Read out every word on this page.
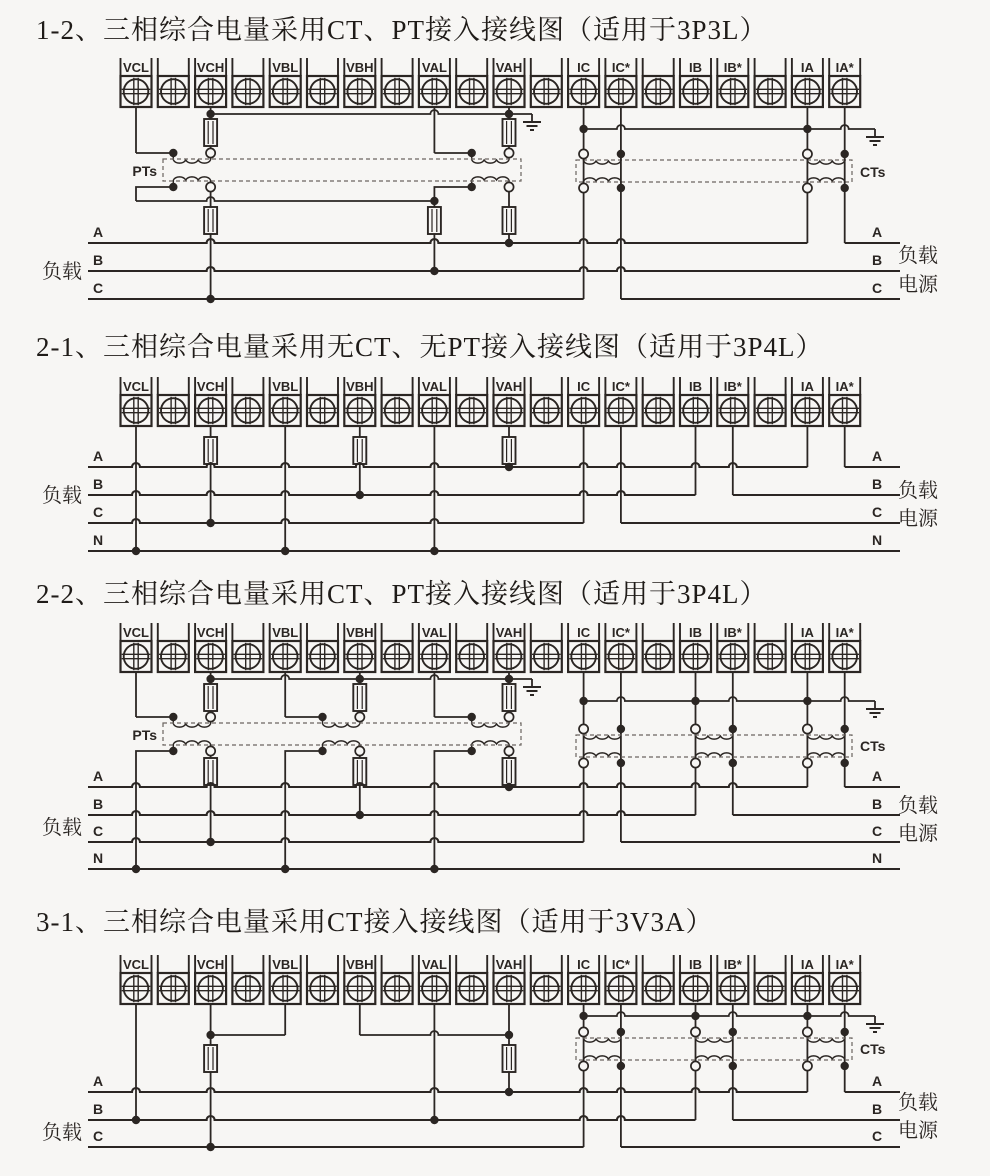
1-2、三相综合电量采用CT、PT接入接线图（适用于3P3L）
2-1、三相综合电量采用无CT、无PT接入接线图（适用于3P4L）
2-2、三相综合电量采用CT、PT接入接线图（适用于3P4L）
3-1、三相综合电量采用CT接入接线图（适用于3V3A）
VCL	VCH	VBL	VBH	VAL	VAH	IC IC*	IB IB*	IA IA*
PTs	CTs
A	A
B	B
C	C
负载
负载
电源
VCL	VCH	VBL	VBH	VAL	VAH	IC IC*	IB IB*	IA IA*
A	A
B	B
C	C
N	N
负载	负载
电源
VCL	VCH	VBL	VBH	VAL	VAH	IC IC*	IB IB*	IA IA*
PTs
CTs
A	A
B	B
C	C
N	N
负载
负载
电源
VCL	VCH	VBL	VBH	VAL	VAH	IC IC*	IB IB*	IA IA*
CTs
A	A
B	B
C	C
负载
负载
电源
